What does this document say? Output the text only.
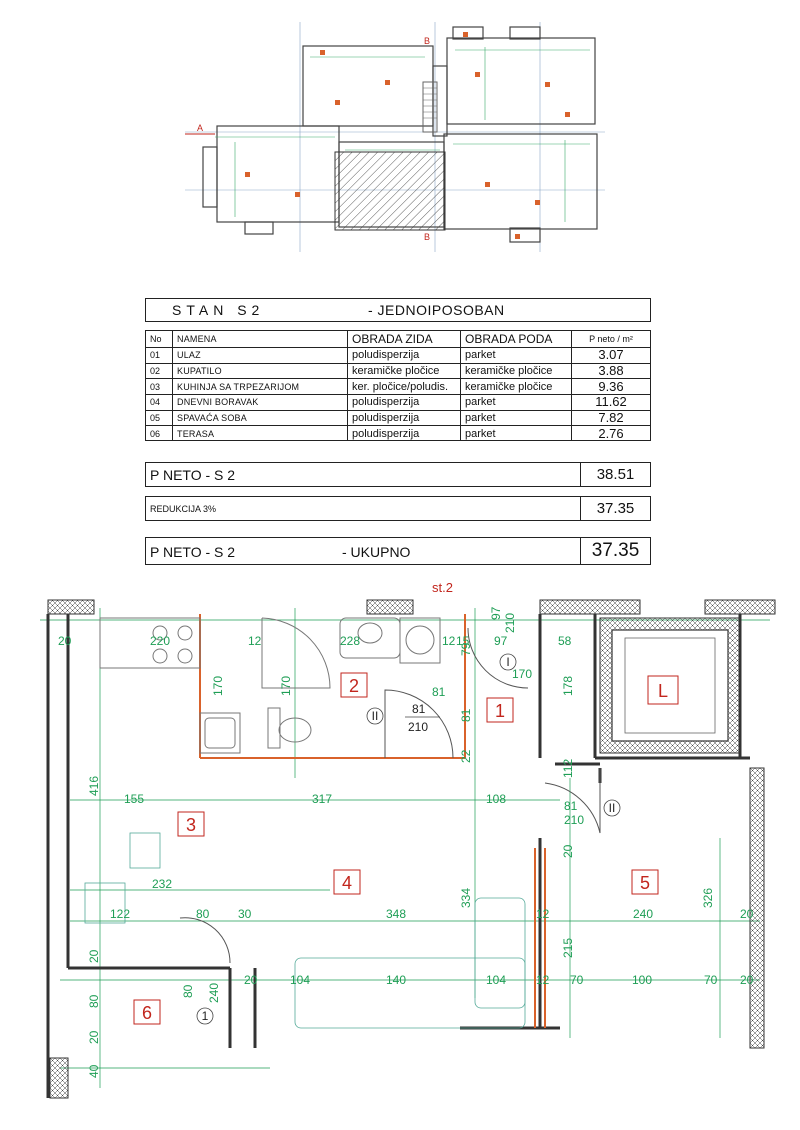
A
B
B
STAN S2	- JEDNOIPOSOBAN
No	NAMENA	OBRADA ZIDA	OBRADA PODA	P neto / m²
01	ULAZ	poludisperzija	parket	3.07
02	KUPATILO	keramičke pločice	keramičke pločice	3.88
03	KUHINJA SA TRPEZARIJOM	ker. pločice/poludis.	keramičke pločice	9.36
04	DNEVNI BORAVAK	poludisperzija	parket	11.62
05	SPAVAĆA SOBA	poludisperzija	parket	7.82
06	TERASA	poludisperzija	parket	2.76
P NETO - S 2	38.51
REDUKCIJA 3%	37.35
P NETO - S 2	- UKUPNO	37.35
1
2
3
4	5
6
L
st.2
I
II
II
1
81
210
20	220	12	228	12 15 97
210
97
170
58
79
170	170	81
81
22
178
416
155	317	108
112
81
210
20
334
232
326
122	80 30	348	12	240	20
20
80 240
215
20	104	140	104 12 70	100	70 20
80
20
40
